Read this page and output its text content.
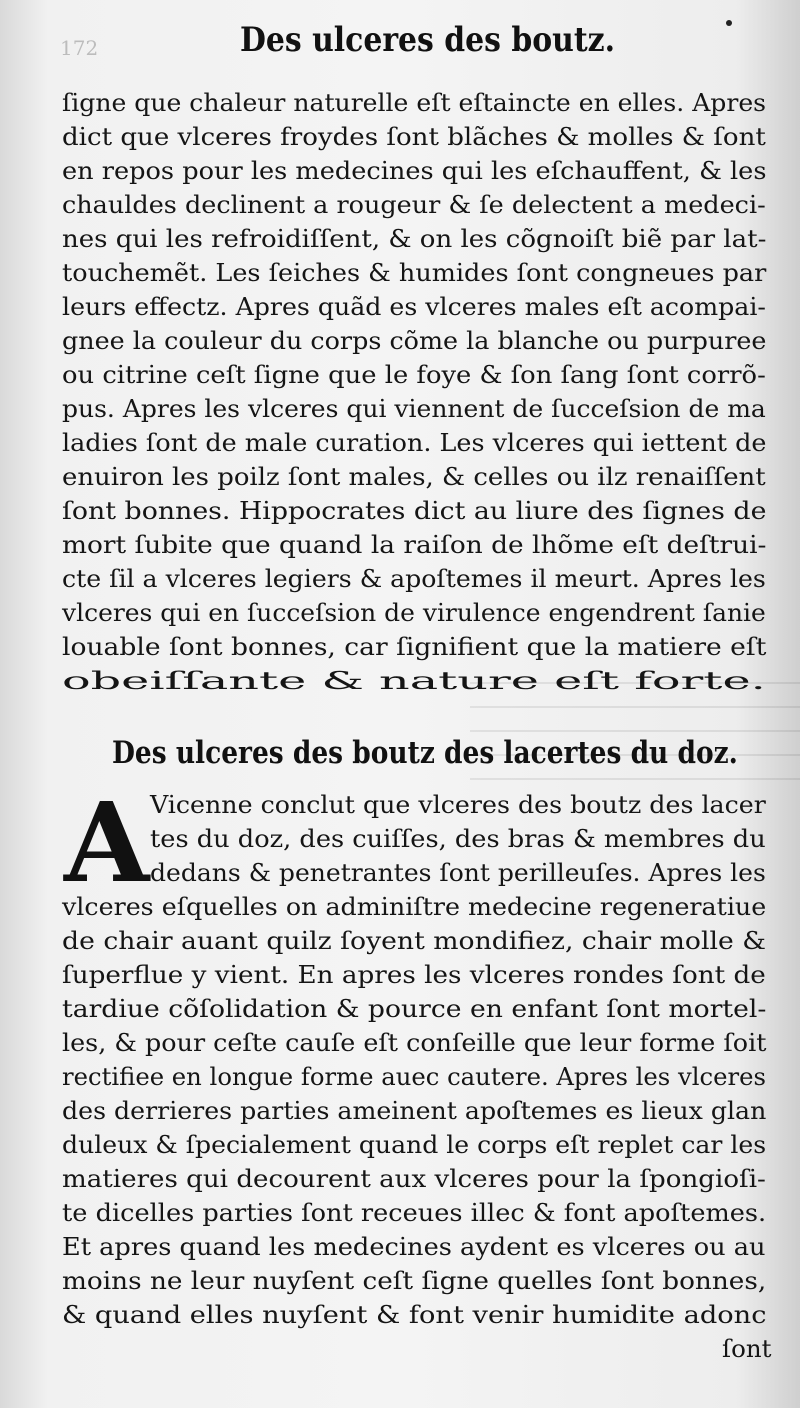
172	Des ulceres des boutz.
ſigne que chaleur naturelle eſt eſtaincte en elles. Apres
dict que vlceres froydes ſont blãches & molles & ſont
en repos pour les medecines qui les eſchauffent, & les
chauldes declinent a rougeur & ſe delectent a medeci-
nes qui les refroidiſſent, & on les cõgnoiſt biẽ par lat-
touchemẽt. Les ſeiches & humides ſont congneues par
leurs effectz. Apres quãd es vlceres males eſt acompai-
gnee la couleur du corps cõme la blanche ou purpuree
ou citrine ceſt ſigne que le foye & ſon ſang ſont corrõ-
pus. Apres les vlceres qui viennent de ſucceſsion de ma
ladies ſont de male curation. Les vlceres qui iettent de
enuiron les poilz ſont males, & celles ou ilz renaiſſent
ſont bonnes. Hippocrates dict au liure des ſignes de
mort ſubite que quand la raiſon de lhõme eſt deſtrui-
cte ſil a vlceres legiers & apoſtemes il meurt. Apres les
vlceres qui en ſucceſsion de virulence engendrent ſanie
louable ſont bonnes, car ſignifient que la matiere eſt
obeiſſante & nature eſt forte.
Des ulceres des boutz des lacertes du doz.
A Vicenne conclut que vlceres des boutz des lacer
tes du doz, des cuiſſes, des bras & membres du
dedans & penetrantes ſont perilleuſes. Apres les
vlceres eſquelles on adminiſtre medecine regeneratiue
de chair auant quilz ſoyent mondifiez, chair molle &
ſuperflue y vient. En apres les vlceres rondes ſont de
tardiue cõſolidation & pource en enfant ſont mortel-
les, & pour ceſte cauſe eſt conſeille que leur forme ſoit
rectifiee en longue forme auec cautere. Apres les vlceres
des derrieres parties ameinent apoſtemes es lieux glan
duleux & ſpecialement quand le corps eſt replet car les
matieres qui decourent aux vlceres pour la ſpongioſi-
te dicelles parties ſont receues illec & font apoſtemes.
Et apres quand les medecines aydent es vlceres ou au
moins ne leur nuyſent ceſt ſigne quelles ſont bonnes,
& quand elles nuyſent & font venir humidite adonc
ſont
